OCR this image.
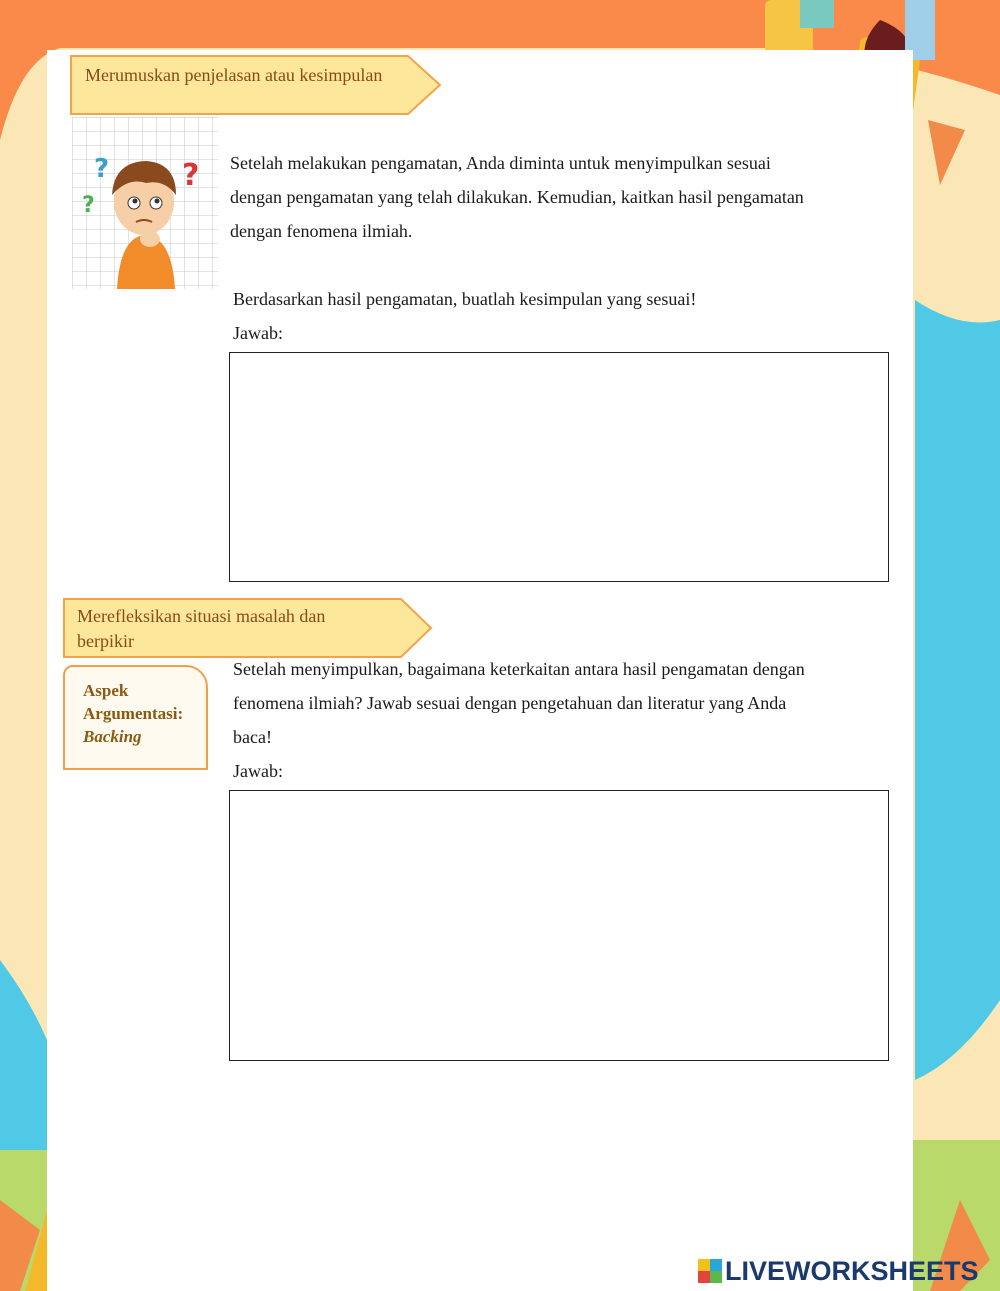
Merumuskan penjelasan atau kesimpulan
?
?
? Setelah melakukan pengamatan, Anda diminta untuk menyimpulkan sesuai

dengan pengamatan yang telah dilakukan. Kemudian, kaitkan hasil pengamatan

dengan fenomena ilmiah.

Berdasarkan hasil pengamatan, buatlah kesimpulan yang sesuai!

Jawab:

Merefleksikan situasi masalah dan
berpikir
Aspek
Argumentasi:
Backing

Setelah menyimpulkan, bagaimana keterkaitan antara hasil pengamatan dengan

fenomena ilmiah? Jawab sesuai dengan pengetahuan dan literatur yang Anda

baca!

Jawab:

LIVEWORKSHEETS
